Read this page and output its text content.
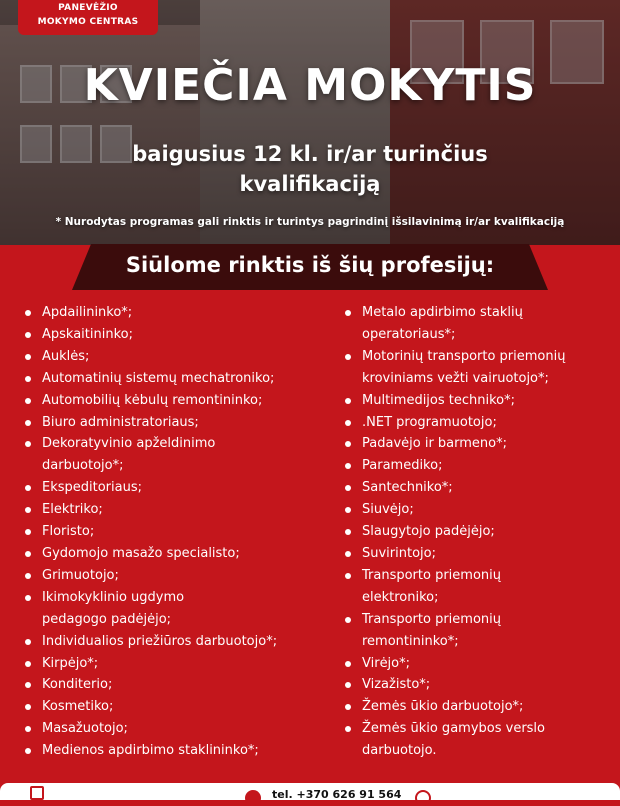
PANEVĖŽIO
MOKYMO CENTRAS
KVIEČIA MOKYTIS
baigusius 12 kl. ir/ar turinčius
kvalifikaciją
* Nurodytas programas gali rinktis ir turintys pagrindinį išsilavinimą ir/ar kvalifikaciją
Siūlome rinktis iš šių profesijų:
Apdailininko*;
Apskaitininko;
Auklės;
Automatinių sistemų mechatroniko;
Automobilių kėbulų remontininko;
Biuro administratoriaus;
Dekoratyvinio apželdinimo
darbuotojo*;
Ekspeditoriaus;
Elektriko;
Floristo;
Gydomojo masažo specialisto;
Grimuotojo;
Ikimokyklinio ugdymo
pedagogo padėjėjo;
Individualios priežiūros darbuotojo*;
Kirpėjo*;
Konditerio;
Kosmetiko;
Masažuotojo;
Medienos apdirbimo staklininko*;
Metalo apdirbimo staklių
operatoriaus*;
Motorinių transporto priemonių
kroviniams vežti vairuotojo*;
Multimedijos techniko*;
.NET programuotojo;
Padavėjo ir barmeno*;
Paramediko;
Santechniko*;
Siuvėjo;
Slaugytojo padėjėjo;
Suvirintojo;
Transporto priemonių
elektroniko;
Transporto priemonių
remontininko*;
Virėjo*;
Vizažisto*;
Žemės ūkio darbuotojo*;
Žemės ūkio gamybos verslo
darbuotojo.
tel. +370 626 91 564
